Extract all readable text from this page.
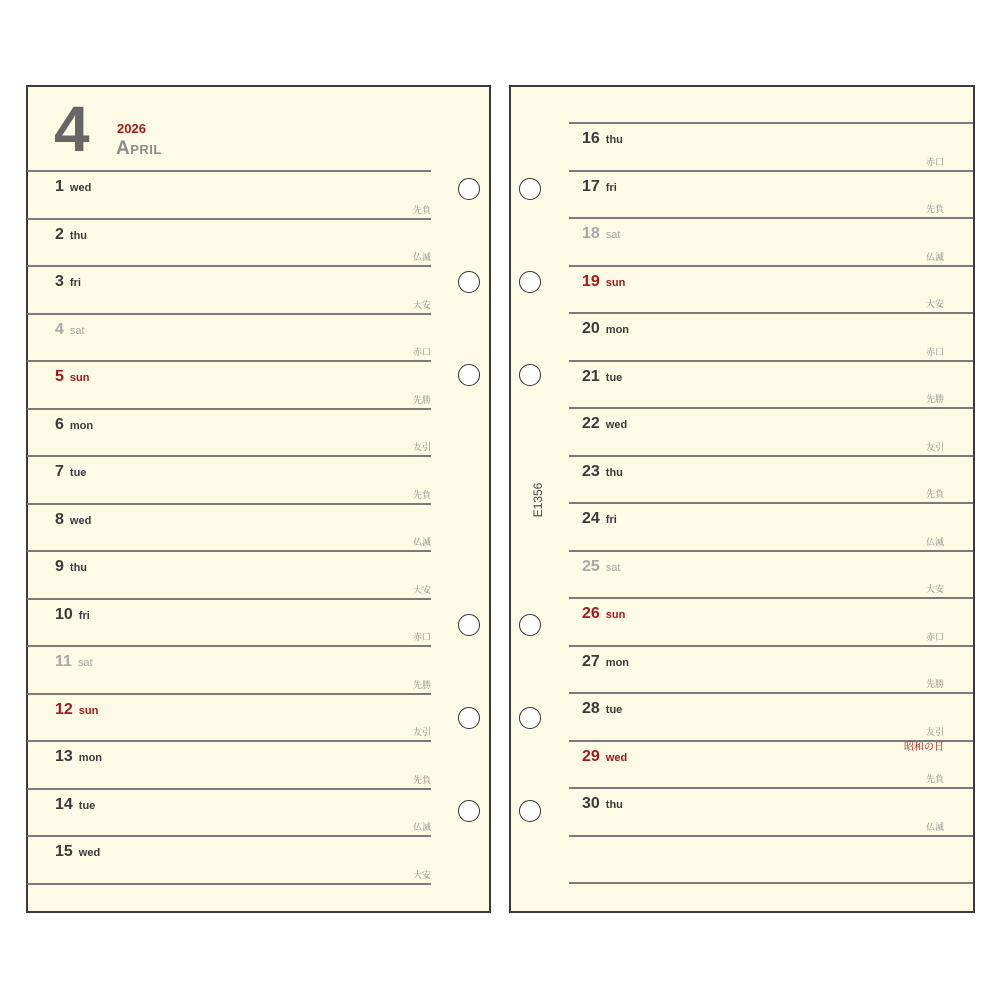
4 2026
April
E1356
1 wed
先負
2 thu
仏滅
3 fri
大安
4 sat
赤口
5 sun
先勝
6 mon
友引
7 tue
先負
8 wed
仏滅
9 thu
大安
10 fri
赤口
11 sat
先勝
12 sun
友引
13 mon
先負
14 tue
仏滅
15 wed
大安
16 thu
赤口
17 fri
先負
18 sat
仏滅
19 sun
大安
20 mon
赤口
21 tue
先勝
22 wed
友引
23 thu
先負
24 fri
仏滅
25 sat
大安
26 sun
赤口
27 mon
先勝
28 tue
友引
29 wed
先負
昭和の日
30 thu
仏滅
